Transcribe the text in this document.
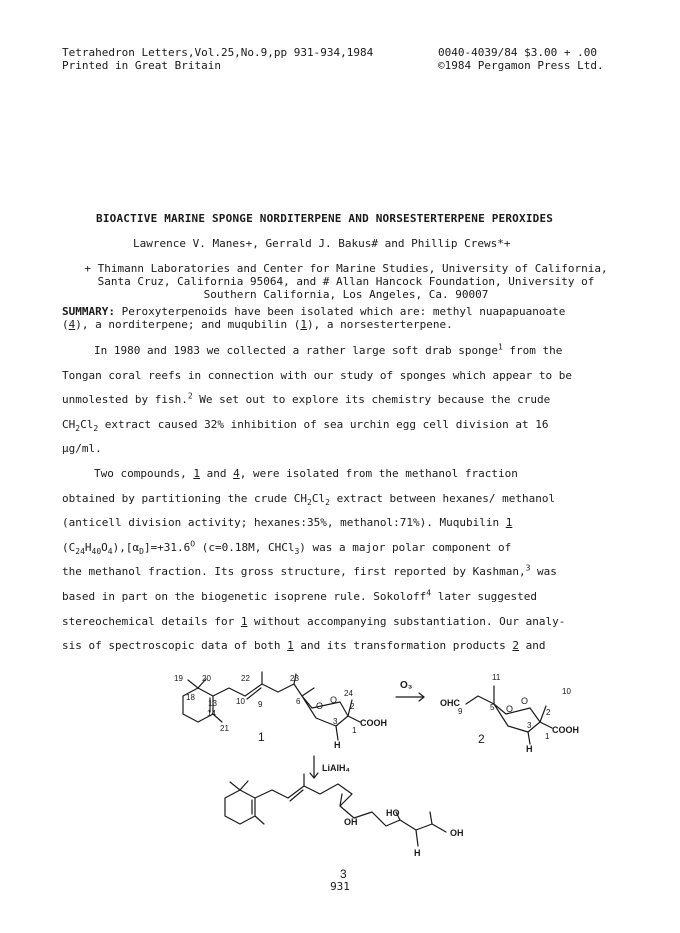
Tetrahedron Letters,Vol.25,No.9,pp 931-934,1984
Printed in Great Britain
0040-4039/84 $3.00 + .00
©1984 Pergamon Press Ltd.
BIOACTIVE MARINE SPONGE NORDITERPENE AND NORSESTERTERPENE PEROXIDES
Lawrence V. Manes+, Gerrald J. Bakus# and Phillip Crews*+
+ Thimann Laboratories and Center for Marine Studies, University of California,
Santa Cruz, California 95064, and # Allan Hancock Foundation, University of
Southern California, Los Angeles, Ca. 90007
SUMMARY: Peroxyterpenoids have been isolated which are: methyl nuapapuanoate
(4), a norditerpene; and muqubilin (1), a norsesterterpene.
In 1980 and 1983 we collected a rather large soft drab sponge$^1$ from the
Tongan coral reefs in connection with our study of sponges which appear to be
unmolested by fish.$^2$ We set out to explore its chemistry because the crude
$CH_2Cl_2$ extract caused 32% inhibition of sea urchin egg cell division at 16
μg/ml.
Two compounds, 1 and 4, were isolated from the methanol fraction
obtained by partitioning the crude $CH_2Cl_2$ extract between hexanes/ methanol
(anticell division activity; hexanes:35%, methanol:71%). Muqubilin 1
$(C_{24}H_{40}O_4),[\alpha_D]=+31.6^O$ (c=0.18M, CHCl$_3$) was a major polar component of
the methanol fraction. Its gross structure, first reported by Kashman,$^3$ was
based in part on the biogenetic isoprene rule. Sokoloff$^4$ later suggested
stereochemical details for 1 without accompanying substantiation. Our analy-
sis of spectroscopic data of both 1 and its transformation products 2 and
19 20	22	23
18
13 10 9	6
14
21
24
2
3
1
O
O
COOH
H
1
O₃
11
9	5
10
2
3
1
OHC
O
O
COOH
H
2
LiAlH₄
OH
HO
OH
H
3
931
